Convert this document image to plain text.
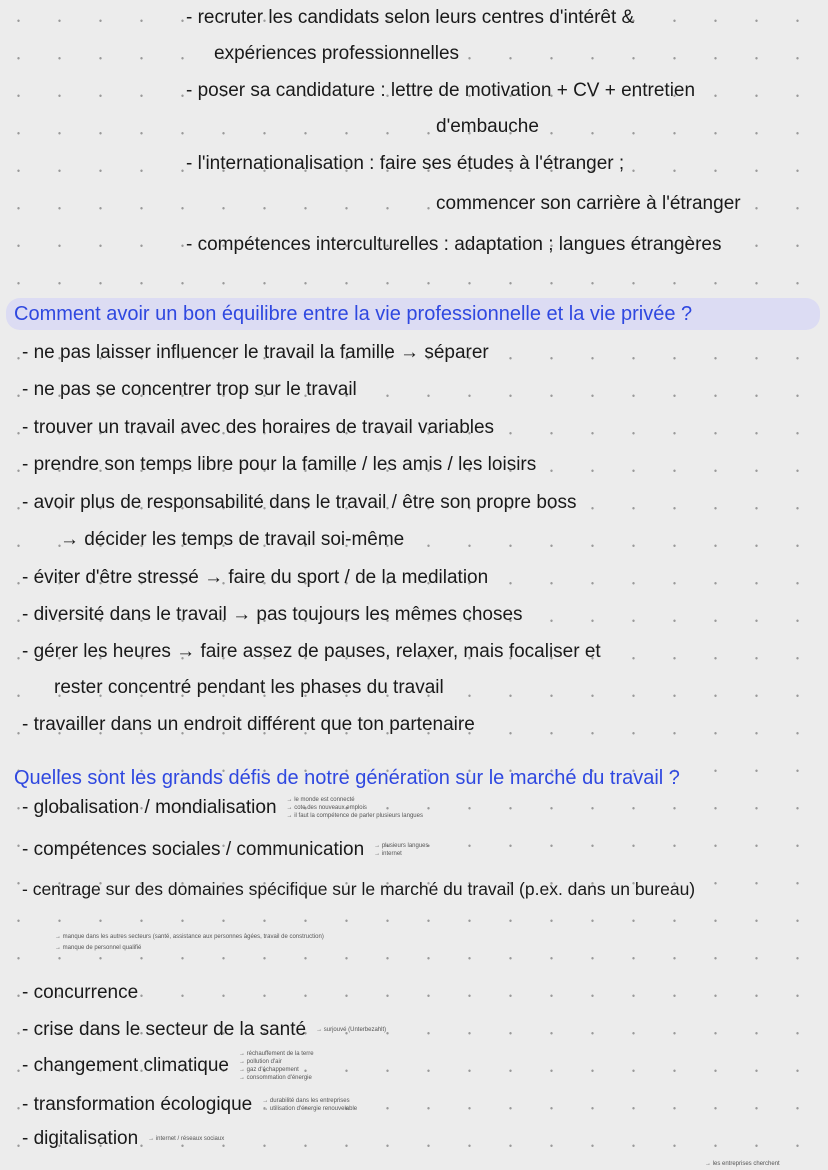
- recruter les candidats selon leurs centres d'intérêt &
expériences professionnelles
- poser sa candidature : lettre de motivation + CV + entretien
d'embauche
- l'internationalisation : faire ses études à l'étranger ;
commencer son carrière à l'étranger
- compétences interculturelles : adaptation ; langues étrangères
Comment avoir un bon équilibre entre la vie professionnelle et la vie privée ?
- ne pas laisser influencer le travail la famille → séparer
- ne pas se concentrer trop sur le travail
- trouver un travail avec des horaires de travail variables
- prendre son temps libre pour la famille / les amis / les loisirs
- avoir plus de responsabilité dans le travail / être son propre boss
→ décider les temps de travail soi-même
- éviter d'être stressé → faire du sport / de la medilation
- diversité dans le travail → pas toujours les mêmes choses
- gérer les heures → faire assez de pauses, relaxer, mais focaliser et
rester concentré pendant les phases du travail
- travailler dans un endroit différent que ton partenaire
Quelles sont les grands défis de notre génération sur le marché du travail ?
- globalisation / mondialisation → le monde est connecté
→ cote des nouveaux emplois
→ il faut la compétence de parler plusieurs langues
- compétences sociales / communication → plusieurs langues
→ internet
- centrage sur des domaines spécifique sur le marché du travail (p.ex. dans un bureau)
→ manque dans les autres secteurs (santé, assistance aux personnes âgées, travail de construction)
→ manque de personnel qualifié
- concurrence
- crise dans le secteur de la santé → surjouvé (Unterbezahlt)
- changement climatique
→ réchauffement de la terre
→ pollution d'air
→ gaz d'échappement
→ consommation d'énergie
- transformation écologique → durabilité dans les entreprises
→ utilisation d'énergie renouvelable
- digitalisation → internet / réseaux sociaux
→ les entreprises cherchent
